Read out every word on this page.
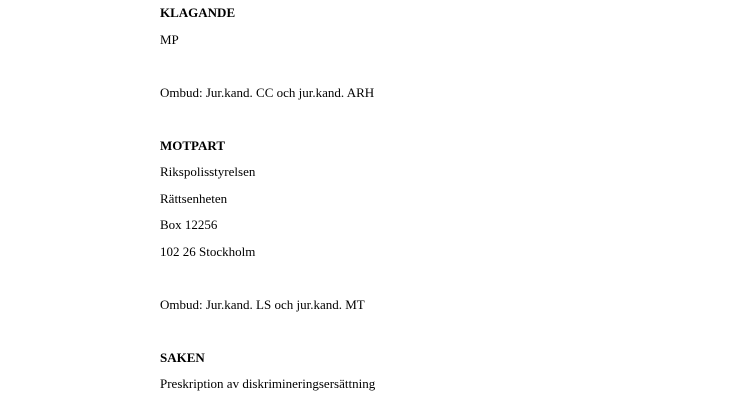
KLAGANDE
MP
Ombud: Jur.kand. CC och jur.kand. ARH
MOTPART
Rikspolisstyrelsen
Rättsenheten
Box 12256
102 26 Stockholm
Ombud: Jur.kand. LS och jur.kand. MT
SAKEN
Preskription av diskrimineringsersättning
